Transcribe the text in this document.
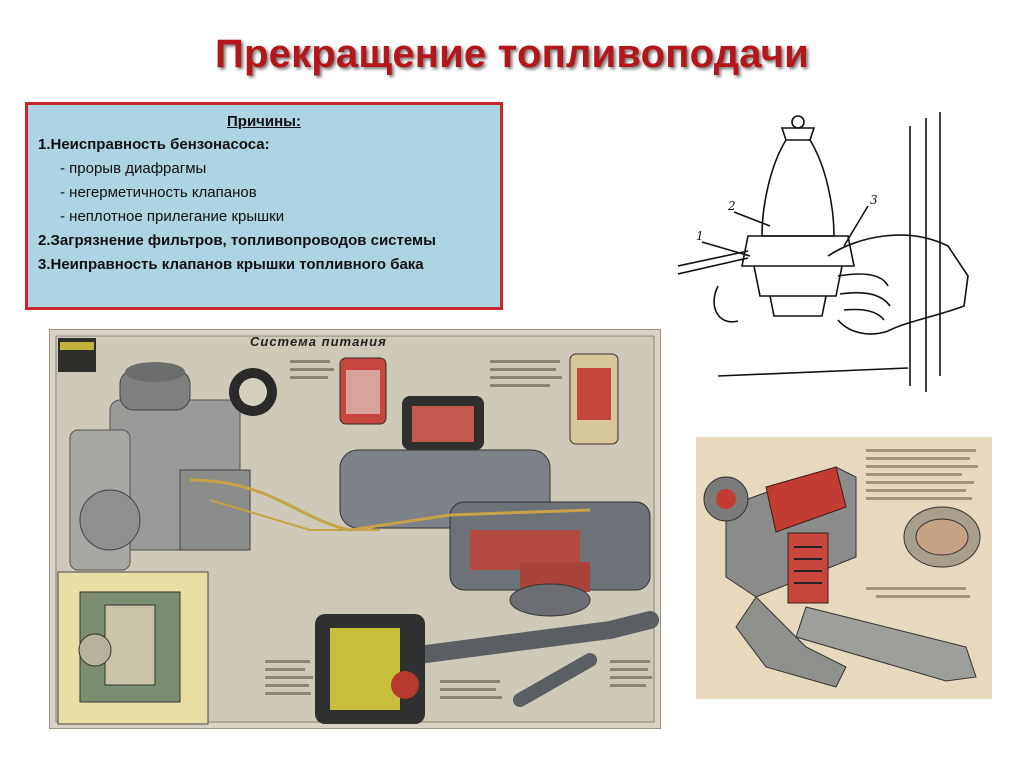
Прекращение топливоподачи
Причины:
1.Неисправность бензонасоса:
- прорыв диафрагмы
- негерметичность клапанов
- неплотное прилегание крышки
2.Загрязнение фильтров, топливопроводов системы
3.Неиправность клапанов крышки топливного бака
Система питания
1
2	3
